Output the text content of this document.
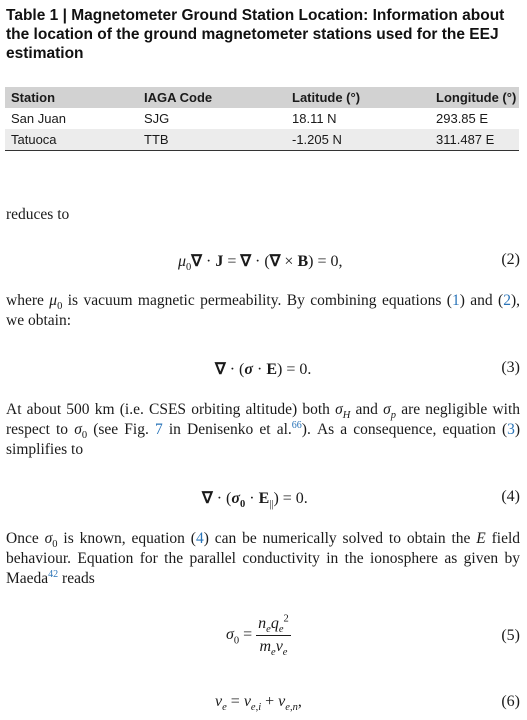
Table 1 | Magnetometer Ground Station Location: Information about the location of the ground magnetometer stations used for the EEJ estimation
Station	IAGA Code	Latitude (°)	Longitude (°)
San Juan	SJG	18.11 N	293.85 E
Tatuoca	TTB	-1.205 N	311.487 E
reduces to
$\mu_0\nabla \cdot J$ = ∇ · (∇ × B) = 0,	(2)
where $\mu_0$ is vacuum magnetic permeability. By combining equations (1) and (2), we obtain:
∇ · (σ · E) = 0.	(3)
At about 500 km (i.e. CSES orbiting altitude) both $\sigma_H$ and $\sigma_p$ are negligible with respect to $\sigma_0$ (see Fig. 7 in Denisenko et al.$^{66}$). As a consequence, equation (3) simplifies to
∇ · $(\sigma_0 \cdot E_{||}) = 0$.	(4)
Once $\sigma_0$ is known, equation (4) can be numerically solved to obtain the E field behaviour. Equation for the parallel conductivity in the ionosphere as given by Maeda$^{42}$ reads
$\sigma_0 = \frac{n_eq_e^2}{m_e\nu_e}$	(5)
$\nu_e = \nu_{e,i} + \nu_{e,n}$,	(6)
